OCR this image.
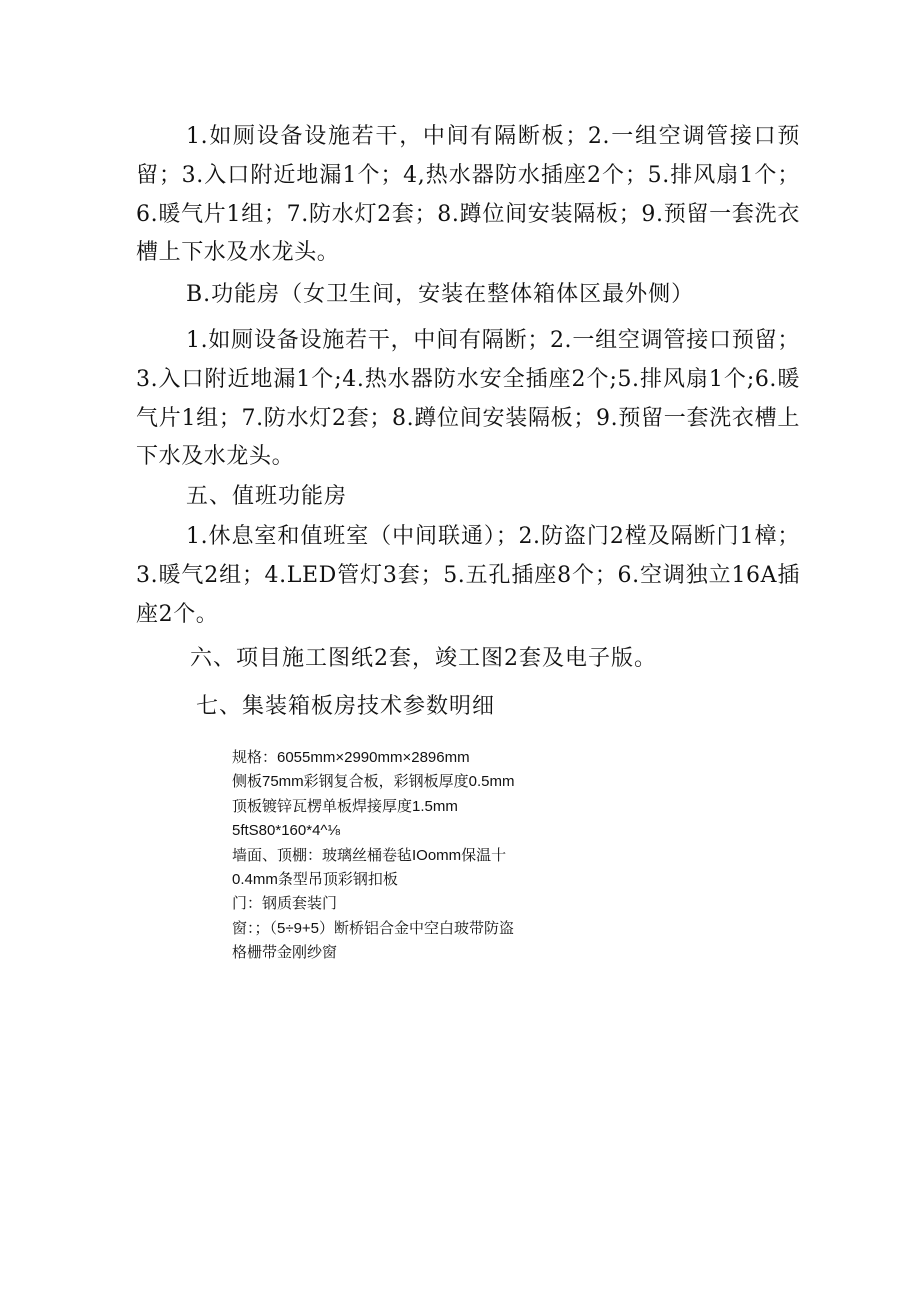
1.如厕设备设施若干，中间有隔断板；2.一组空调管接口预留；3.入口附近地漏1个；4,热水器防水插座2个；5.排风扇1个；6.暖气片1组；7.防水灯2套；8.蹲位间安装隔板；9.预留一套洗衣槽上下水及水龙头。

B.功能房（女卫生间，安装在整体箱体区最外侧）

1.如厕设备设施若干，中间有隔断；2.一组空调管接口预留；3.入口附近地漏1个;4.热水器防水安全插座2个;5.排风扇1个;6.暖气片1组；7.防水灯2套；8.蹲位间安装隔板；9.预留一套洗衣槽上下水及水龙头。

五、值班功能房

1.休息室和值班室（中间联通）；2.防盗门2樘及隔断门1樟；3.暖气2组；4.LED管灯3套；5.五孔插座8个；6.空调独立16A插座2个。

六、项目施工图纸2套，竣工图2套及电子版。

七、集装箱板房技术参数明细

规格：6055mm×2990mm×2896mm
侧板75mm彩钢复合板，彩钢板厚度0.5mm
顶板镀锌瓦楞单板焊接厚度1.5mm
5ftS80*160*4^⅛
墙面、顶棚：玻璃丝桶卷毡IOomm保温十
0.4mm条型吊顶彩钢扣板
门：钢质套装门
窗：；（5÷9+5）断桥铝合金中空白玻带防盗
格栅带金刚纱窗
